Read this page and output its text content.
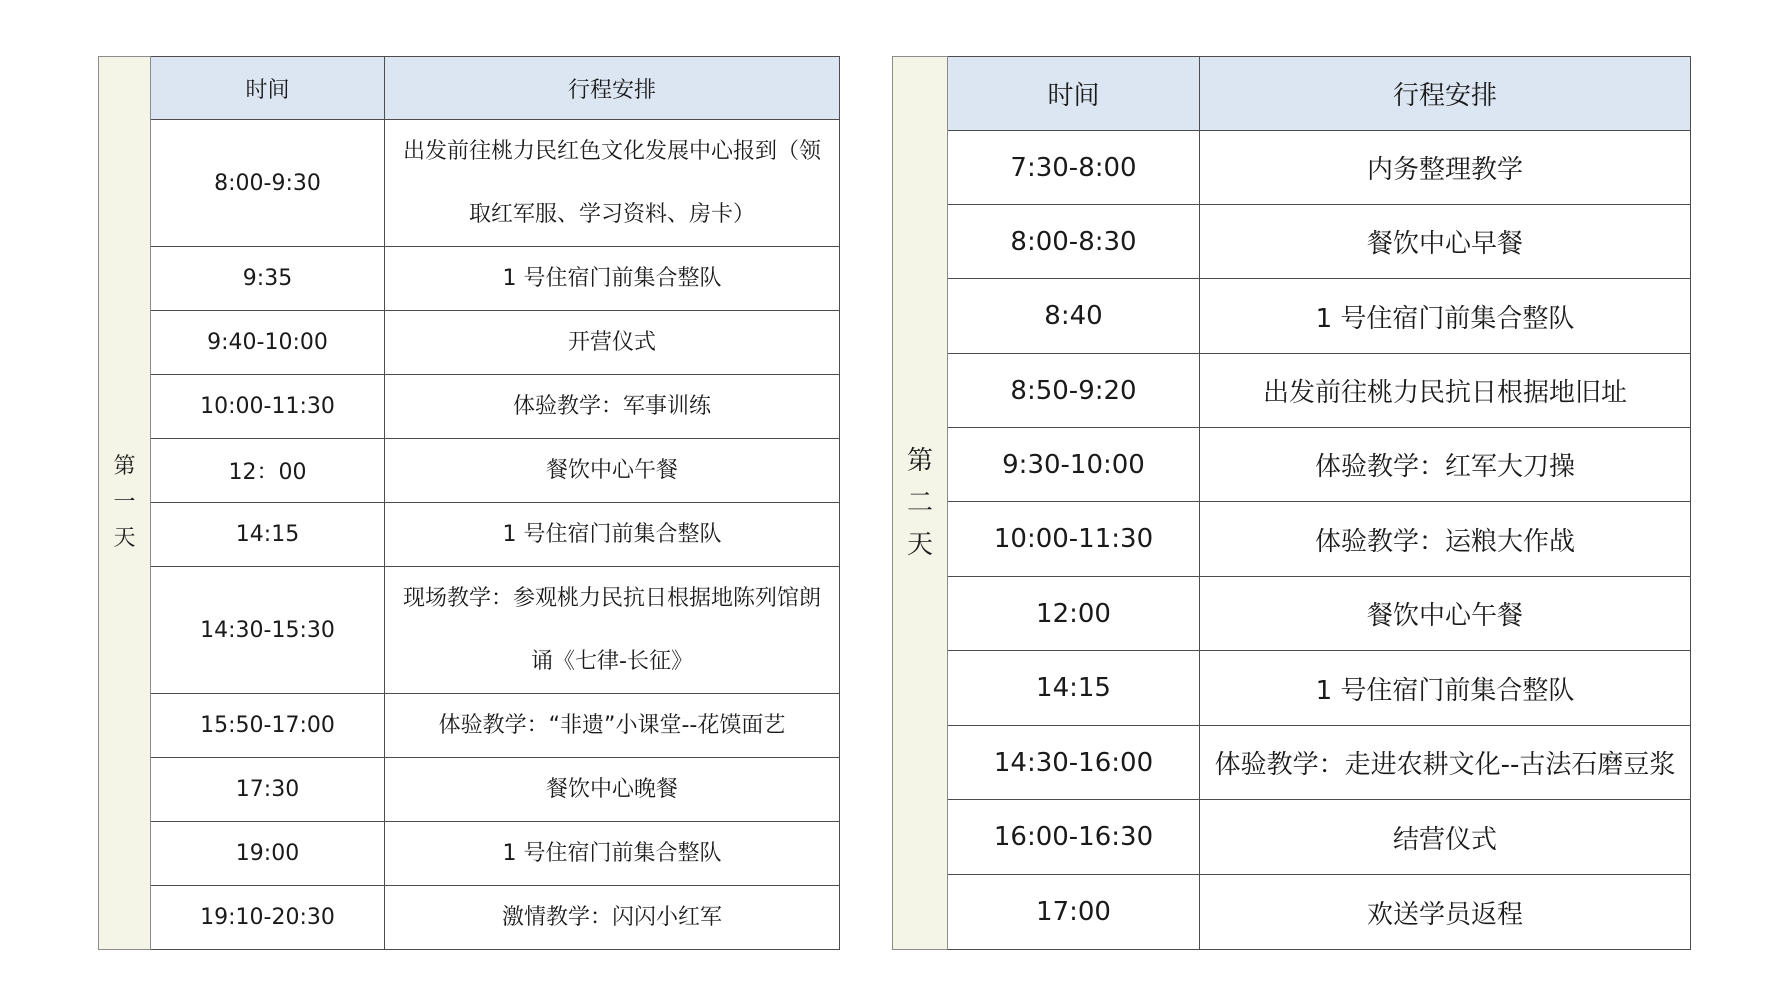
第
一
天	时间	行程安排
	8:00-9:30	出发前往桃力民红色文化发展中心报到（领取红军服、学习资料、房卡）
	9:35	1 号住宿门前集合整队
	9:40-10:00	开营仪式
	10:00-11:30	体验教学：军事训练
	12：00	餐饮中心午餐
	14:15	1 号住宿门前集合整队
	14:30-15:30	现场教学：参观桃力民抗日根据地陈列馆朗诵《七律-长征》
	15:50-17:00	体验教学：“非遗”小课堂--花馍面艺
	17:30	餐饮中心晚餐
	19:00	1 号住宿门前集合整队
	19:10-20:30	激情教学：闪闪小红军
第
二
天	时间	行程安排
	7:30-8:00	内务整理教学
	8:00-8:30	餐饮中心早餐
	8:40	1 号住宿门前集合整队
	8:50-9:20	出发前往桃力民抗日根据地旧址
	9:30-10:00	体验教学：红军大刀操
	10:00-11:30	体验教学：运粮大作战
	12:00	餐饮中心午餐
	14:15	1 号住宿门前集合整队
	14:30-16:00	体验教学：走进农耕文化--古法石磨豆浆
	16:00-16:30	结营仪式
	17:00	欢送学员返程
